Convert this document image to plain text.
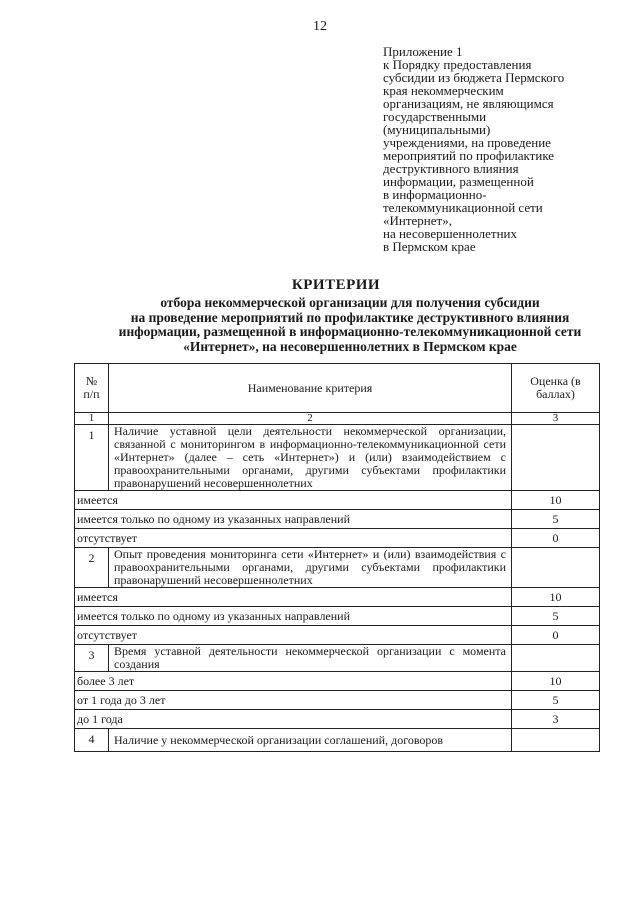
12
Приложение 1
к Порядку предоставления
субсидии из бюджета Пермского
края некоммерческим
организациям, не являющимся
государственными
(муниципальными)
учреждениями, на проведение
мероприятий по профилактике
деструктивного влияния
информации, размещенной
в информационно-
телекоммуникационной сети
«Интернет»,
на несовершеннолетних
в Пермском крае
КРИТЕРИИ
отбора некоммерческой организации для получения субсидии
на проведение мероприятий по профилактике деструктивного влияния
информации, размещенной в информационно-телекоммуникационной сети
«Интернет», на несовершеннолетних в Пермском крае
№ п/п	Наименование критерия	Оценка (в баллах)
1	2	3
1	Наличие уставной цели деятельности некоммерческой организации, связанной с мониторингом в информационно-телекоммуникационной сети «Интернет» (далее – сеть «Интернет») и (или) взаимодействием с правоохранительными органами, другими субъектами профилактики правонарушений несовершеннолетних	
имеется		10
имеется только по одному из указанных направлений		5
отсутствует		0
2	Опыт проведения мониторинга сети «Интернет» и (или) взаимодействия с правоохранительными органами, другими субъектами профилактики правонарушений несовершеннолетних	
имеется		10
имеется только по одному из указанных направлений		5
отсутствует		0
3	Время уставной деятельности некоммерческой организации с момента создания	
более 3 лет		10
от 1 года до 3 лет		5
до 1 года		3
4	Наличие у некоммерческой организации соглашений, договоров	
